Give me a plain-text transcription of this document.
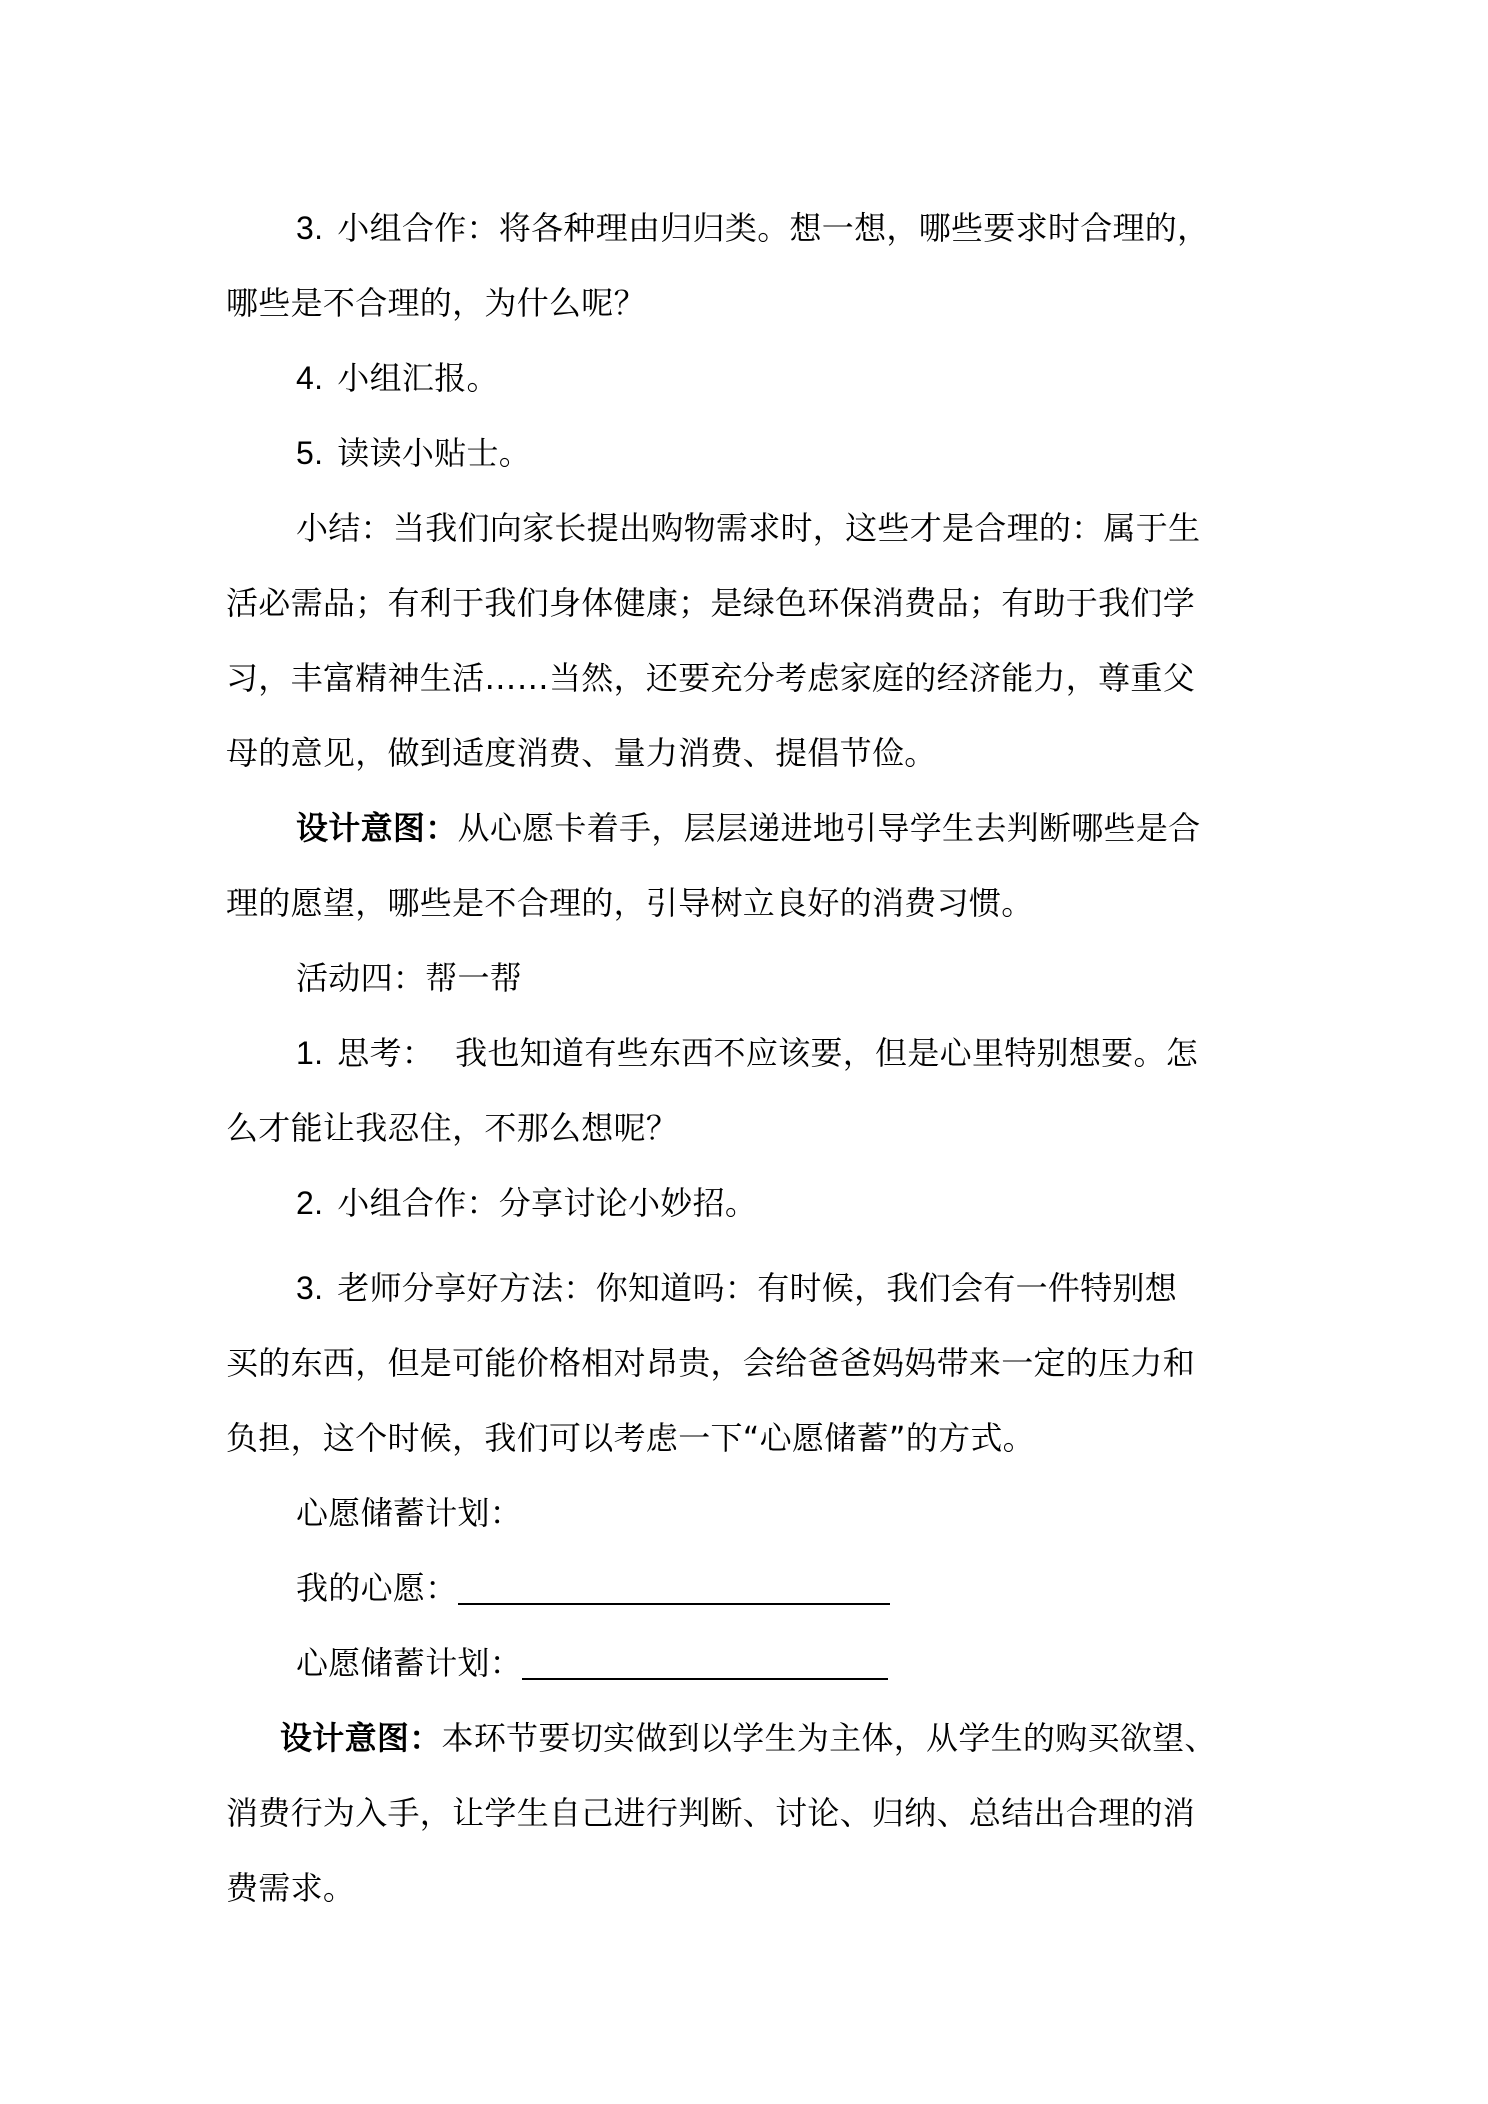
3. 小组合作：将各种理由归归类。想一想，哪些要求时合理的，
哪些是不合理的，为什么呢？
4. 小组汇报。
5. 读读小贴士。
小结：当我们向家长提出购物需求时，这些才是合理的：属于生
活必需品；有利于我们身体健康；是绿色环保消费品；有助于我们学
习，丰富精神生活……当然，还要充分考虑家庭的经济能力，尊重父
母的意见，做到适度消费、量力消费、提倡节俭。
设计意图：从心愿卡着手，层层递进地引导学生去判断哪些是合
理的愿望，哪些是不合理的，引导树立良好的消费习惯。
活动四：帮一帮
1. 思考：  我也知道有些东西不应该要，但是心里特别想要。怎
么才能让我忍住，不那么想呢？
2. 小组合作：分享讨论小妙招。
3. 老师分享好方法：你知道吗：有时候，我们会有一件特别想
买的东西，但是可能价格相对昂贵，会给爸爸妈妈带来一定的压力和
负担，这个时候，我们可以考虑一下“心愿储蓄”的方式。
心愿储蓄计划：
我的心愿：
心愿储蓄计划：
设计意图：本环节要切实做到以学生为主体，从学生的购买欲望、
消费行为入手，让学生自己进行判断、讨论、归纳、总结出合理的消
费需求。
